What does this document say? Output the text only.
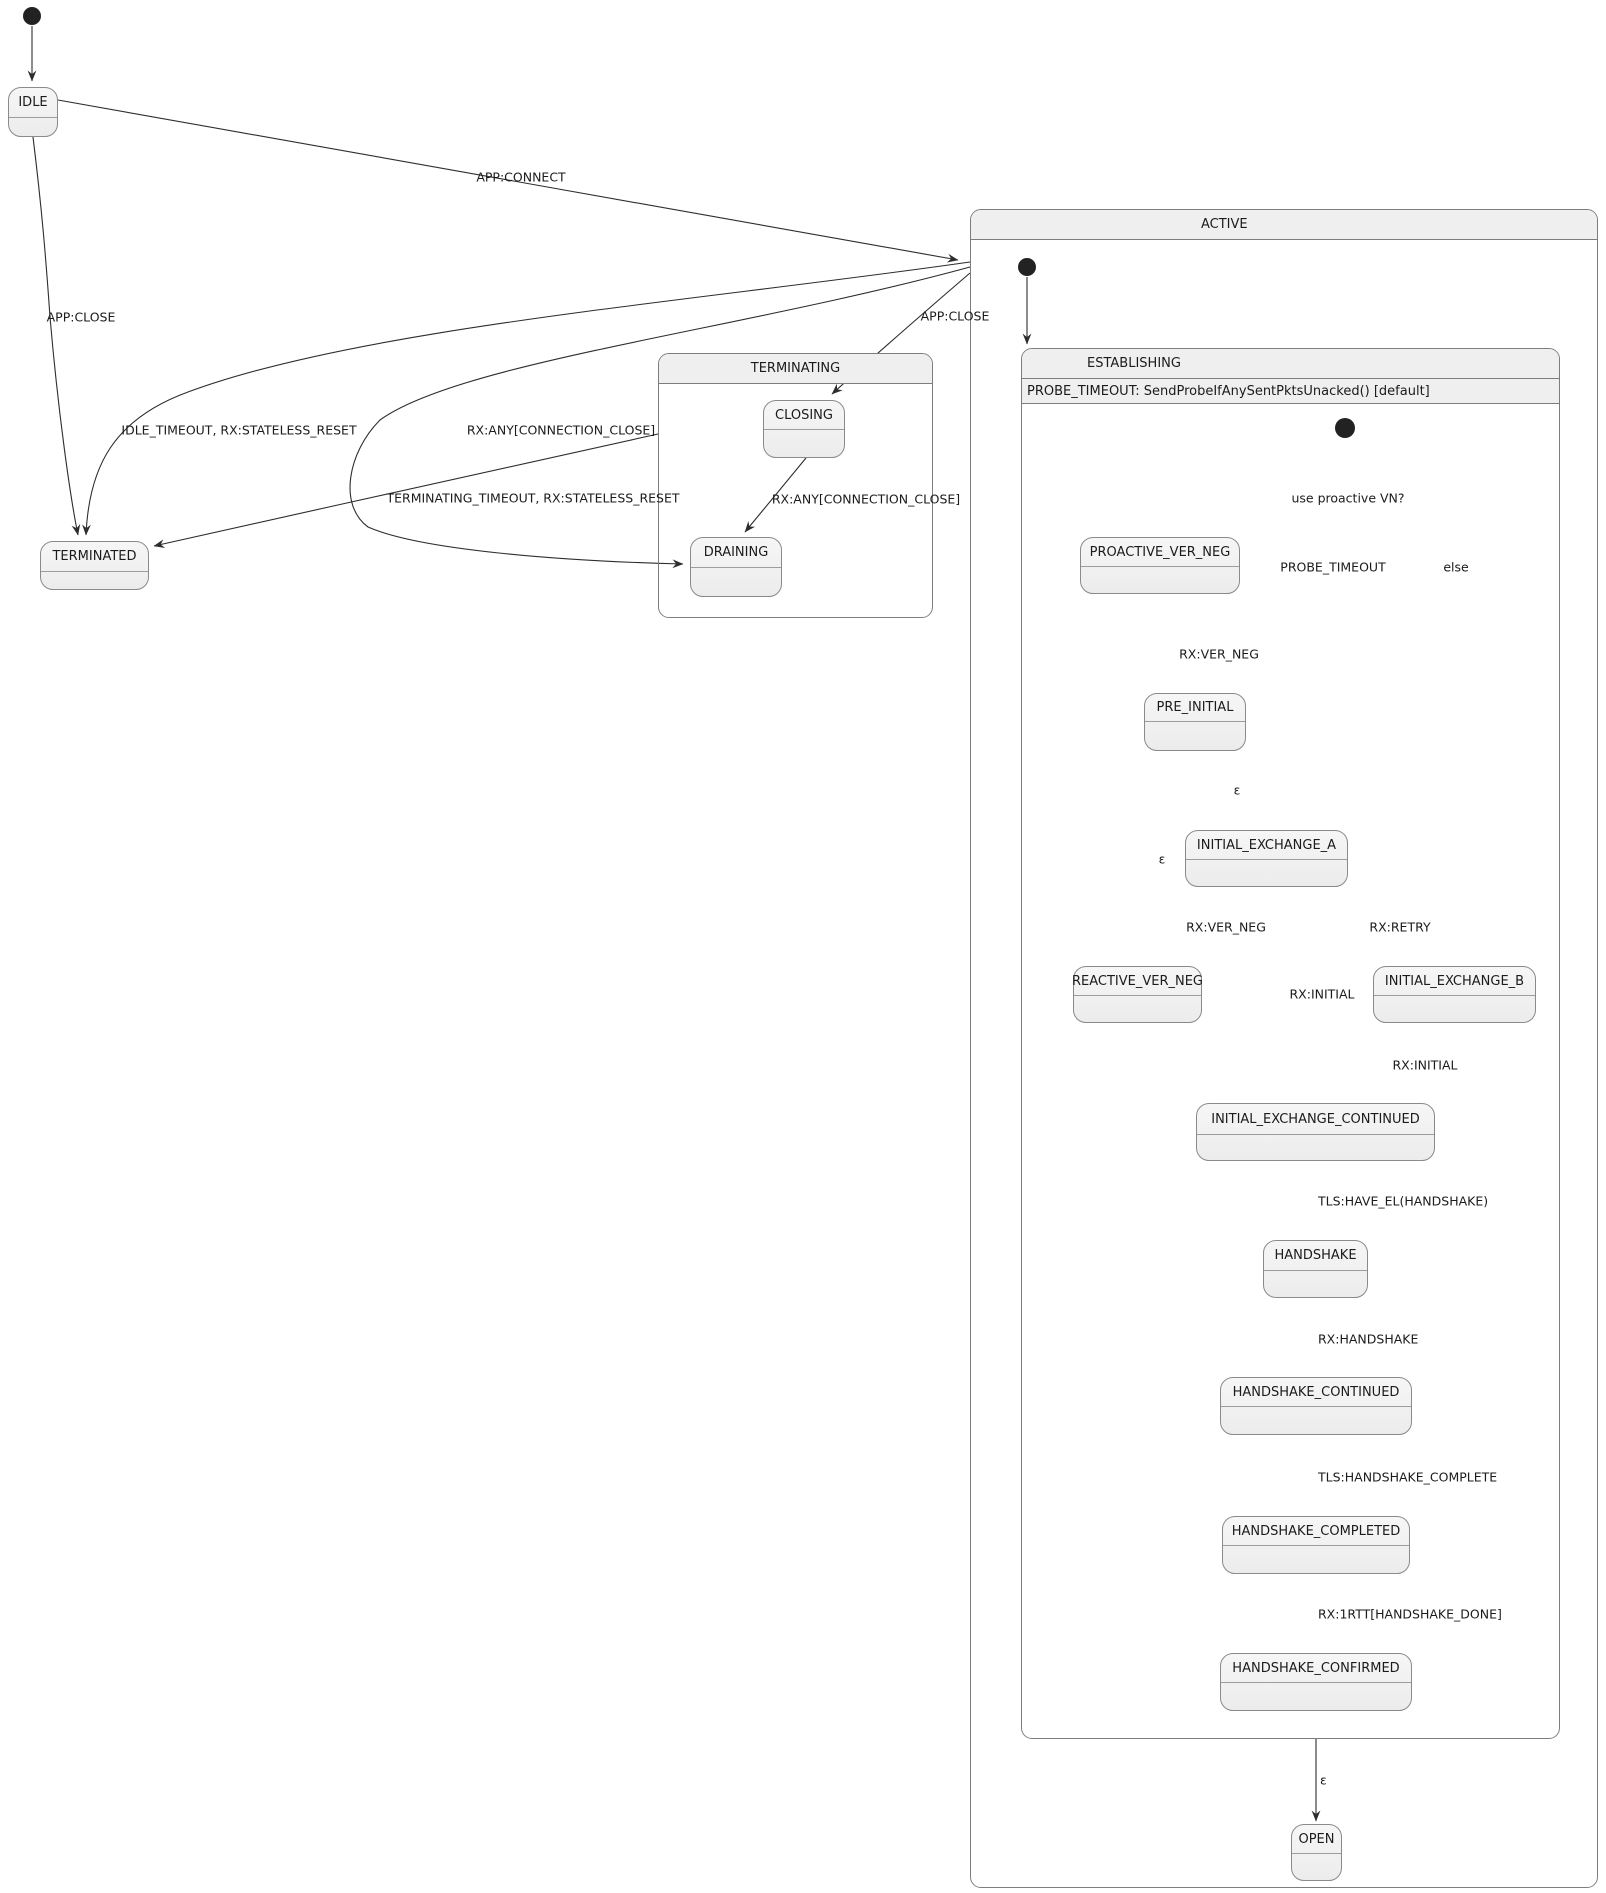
ACTIVE
TERMINATING	ESTABLISHING
PROBE_TIMEOUT: SendProbeIfAnySentPktsUnacked() [default]
IDLE
TERMINATED
CLOSING
DRAINING	PROACTIVE_VER_NEG
PRE_INITIAL
INITIAL_EXCHANGE_A
REACTIVE_VER_NEG	INITIAL_EXCHANGE_B
INITIAL_EXCHANGE_CONTINUED
HANDSHAKE
HANDSHAKE_CONTINUED
HANDSHAKE_COMPLETED
HANDSHAKE_CONFIRMED
OPEN
APP:CONNECT
APP:CLOSE	APP:CLOSE
IDLE_TIMEOUT, RX:STATELESS_RESET	RX:ANY[CONNECTION_CLOSE]
TERMINATING_TIMEOUT, RX:STATELESS_RESET	RX:ANY[CONNECTION_CLOSE]	use proactive VN?
PROBE_TIMEOUT	else
RX:VER_NEG
ε
ε
RX:VER_NEG	RX:RETRY
RX:INITIAL
RX:INITIAL
TLS:HAVE_EL(HANDSHAKE)
RX:HANDSHAKE
TLS:HANDSHAKE_COMPLETE
RX:1RTT[HANDSHAKE_DONE]
ε
